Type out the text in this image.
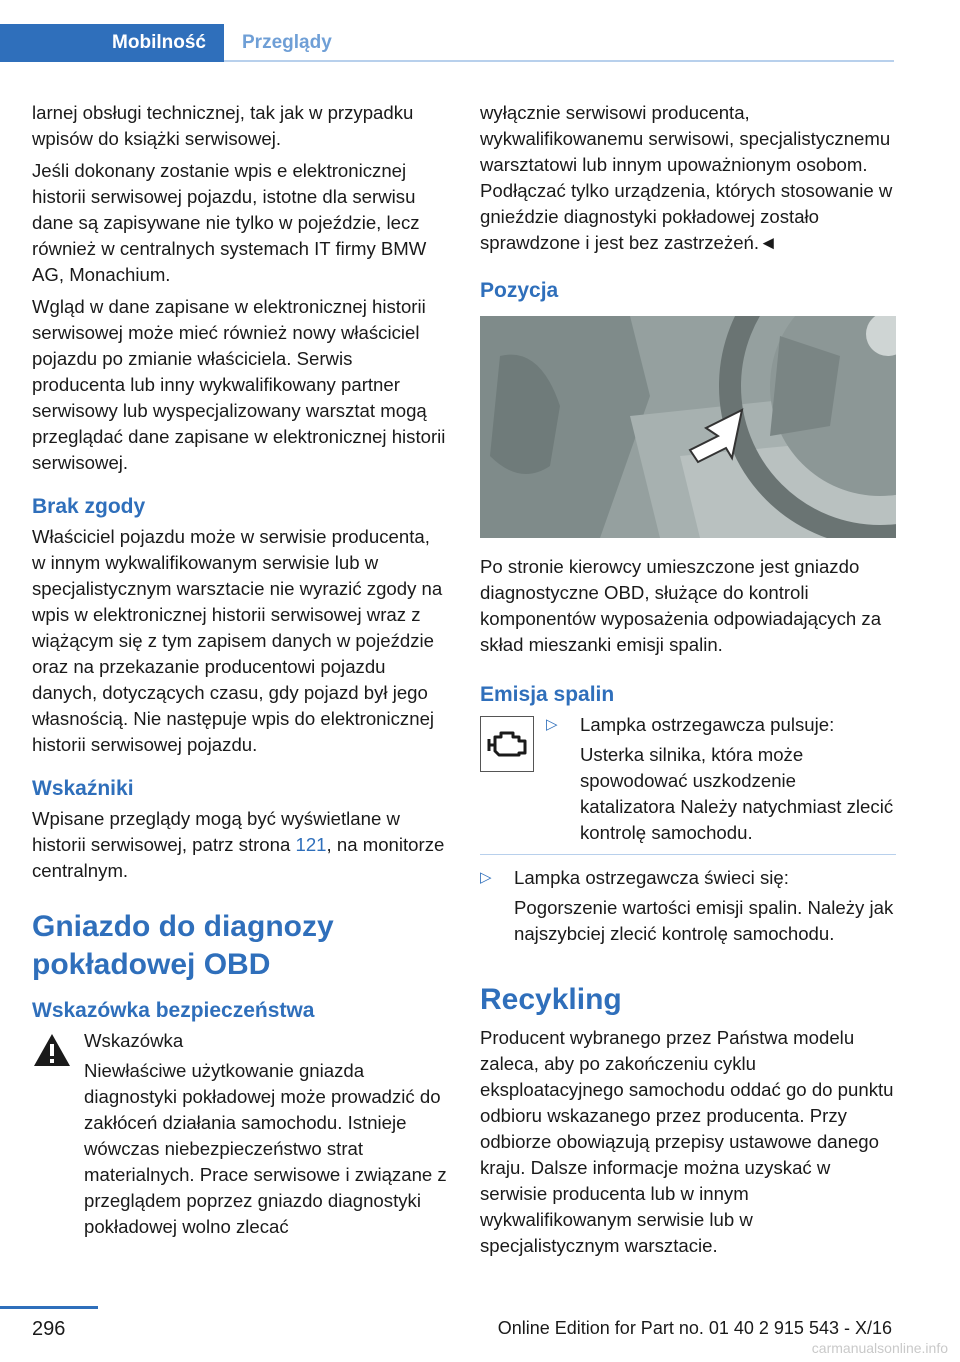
Mobilność	Przeglądy

larnej obsługi technicznej, tak jak w przypadku wpisów do książki serwisowej.

Jeśli dokonany zostanie wpis e elektronicznej historii serwisowej pojazdu, istotne dla serwisu dane są zapisywane nie tylko w pojeździe, lecz również w centralnych systemach IT firmy BMW AG, Monachium.

Wgląd w dane zapisane w elektronicznej historii serwisowej może mieć również nowy właściciel pojazdu po zmianie właściciela. Serwis producenta lub inny wykwalifikowany partner serwisowy lub wyspecjalizowany warsztat mogą przeglądać dane zapisane w elektronicznej historii serwisowej.

Brak zgody

Właściciel pojazdu może w serwisie producenta, w innym wykwalifikowanym serwisie lub w specjalistycznym warsztacie nie wyrazić zgody na wpis w elektronicznej historii serwisowej wraz z wiążącym się z tym zapisem danych w pojeździe oraz na przekazanie producentowi pojazdu danych, dotyczących czasu, gdy pojazd był jego własnością. Nie następuje wpis do elektronicznej historii serwisowej pojazdu.

Wskaźniki

Wpisane przeglądy mogą być wyświetlane w historii serwisowej, patrz strona 121, na monitorze centralnym.

Gniazdo do diagnozy pokładowej OBD
Wskazówka bezpieczeństwa

Wskazówka

Niewłaściwe użytkowanie gniazda diagnostyki pokładowej może prowadzić do zakłóceń działania samochodu. Istnieje wówczas niebezpieczeństwo strat materialnych. Prace serwisowe i związane z przeglądem poprzez gniazdo diagnostyki pokładowej wolno zlecać

wyłącznie serwisowi producenta, wykwalifikowanemu serwisowi, specjalistycznemu warsztatowi lub innym upoważnionym osobom. Podłączać tylko urządzenia, których stosowanie w gnieździe diagnostyki pokładowej zostało sprawdzone i jest bez zastrzeżeń.◄

Pozycja

Po stronie kierowcy umieszczone jest gniazdo diagnostyczne OBD, służące do kontroli komponentów wyposażenia odpowiadających za skład mieszanki emisji spalin.

Emisja spalin
▷ Lampka ostrzegawcza pulsuje:

Usterka silnika, która może spowodować uszkodzenie katalizatora Należy natychmiast zlecić kontrolę samochodu.

▷ Lampka ostrzegawcza świeci się:

Pogorszenie wartości emisji spalin. Należy jak najszybciej zlecić kontrolę samochodu.

Recykling

Producent wybranego przez Państwa modelu zaleca, aby po zakończeniu cyklu eksploatacyjnego samochodu oddać go do punktu odbioru wskazanego przez producenta. Przy odbiorze obowiązują przepisy ustawowe danego kraju. Dalsze informacje można uzyskać w serwisie producenta lub w innym wykwalifikowanym serwisie lub w specjalistycznym warsztacie.

296	Online Edition for Part no. 01 40 2 915 543 - X/16
carmanualsonline.info
